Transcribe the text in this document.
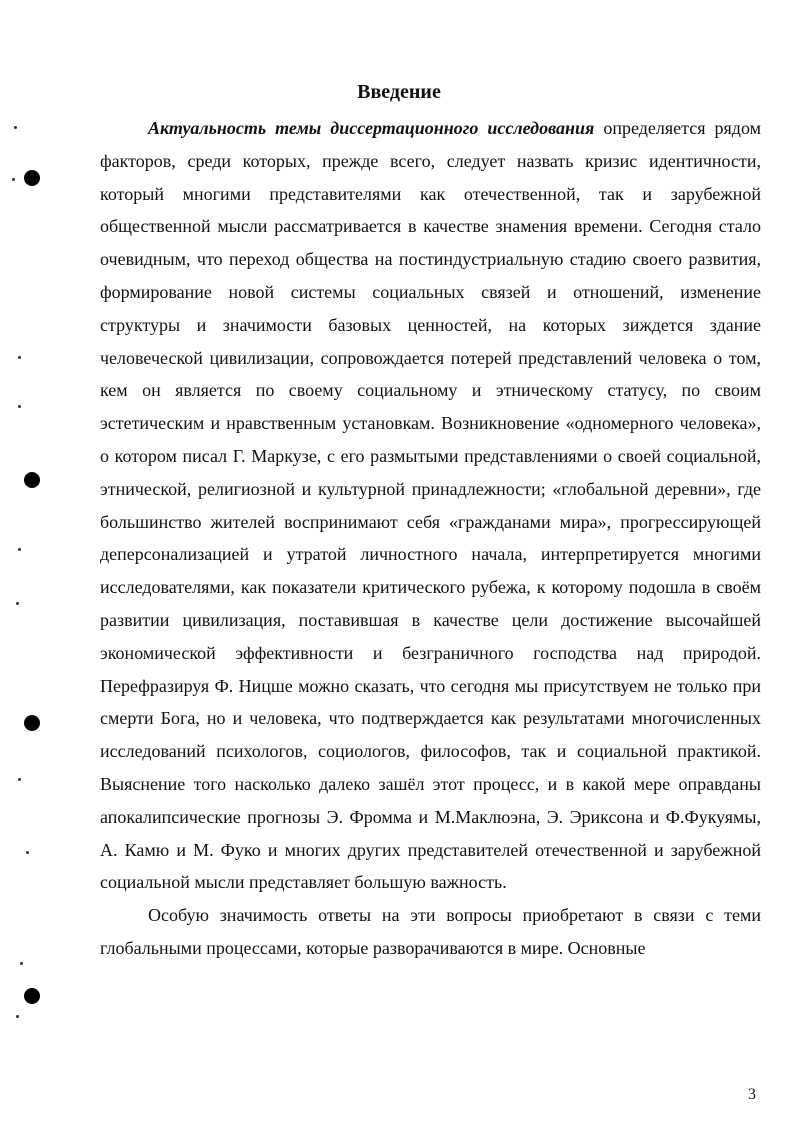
Введение

Актуальность темы диссертационного исследования определяется рядом факторов, среди которых, прежде всего, следует назвать кризис идентичности, который многими представителями как отечественной, так и зарубежной общественной мысли рассматривается в качестве знамения времени. Сегодня стало очевидным, что переход общества на постиндустриальную стадию своего развития, формирование новой системы социальных связей и отношений, изменение структуры и значимости базовых ценностей, на которых зиждется здание человеческой цивилизации, сопровождается потерей представлений человека о том, кем он является по своему социальному и этническому статусу, по своим эстетическим и нравственным установкам. Возникновение «одномерного человека», о котором писал Г. Маркузе, с его размытыми представлениями о своей социальной, этнической, религиозной и культурной принадлежности; «глобальной деревни», где большинство жителей воспринимают себя «гражданами мира», прогрессирующей деперсонализацией и утратой личностного начала, интерпретируется многими исследователями, как показатели критического рубежа, к которому подошла в своём развитии цивилизация, поставившая в качестве цели достижение высочайшей экономической эффективности и безграничного господства над природой. Перефразируя Ф. Ницше можно сказать, что сегодня мы присутствуем не только при смерти Бога, но и человека, что подтверждается как результатами многочисленных исследований психологов, социологов, философов, так и социальной практикой. Выяснение того насколько далеко зашёл этот процесс, и в какой мере оправданы апокалипсические прогнозы Э. Фромма и М.Маклюэна, Э. Эриксона и Ф.Фукуямы, А. Камю и М. Фуко и многих других представителей отечественной и зарубежной социальной мысли представляет большую важность.

Особую значимость ответы на эти вопросы приобретают в связи с теми глобальными процессами, которые разворачиваются в мире. Основные

3
